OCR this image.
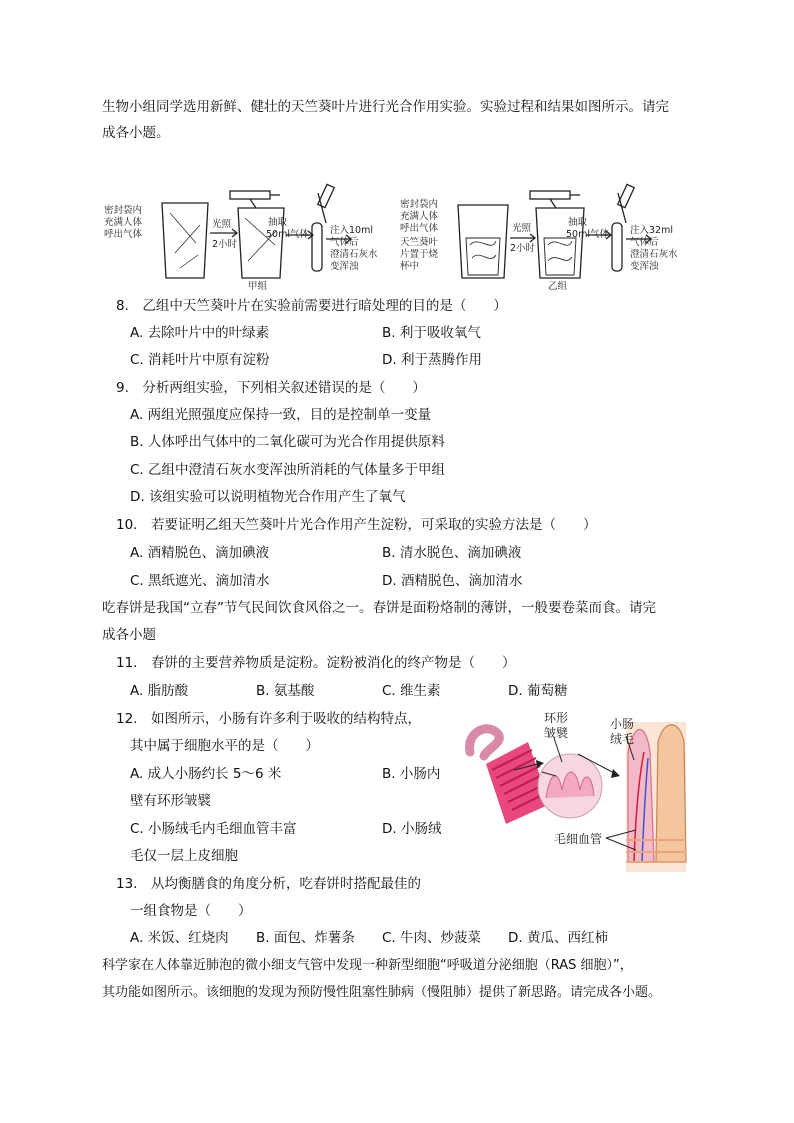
生物小组同学选用新鲜、健壮的天竺葵叶片进行光合作用实验。实验过程和结果如图所示。请完
成各小题。
密封袋内
充满人体
呼出气体
光照
2小时
抽取
50ml气体 注入10ml
气体后
澄清石灰水
变浑浊
甲组
密封袋内
充满人体
呼出气体
天竺葵叶
片置于烧
杯中
光照
2小时
抽取
50ml气体 注入32ml
气体后
澄清石灰水
变浑浊
乙组
8.　乙组中天竺葵叶片在实验前需要进行暗处理的目的是（　　）
A. 去除叶片中的叶绿素	B. 利于吸收氧气
C. 消耗叶片中原有淀粉	D. 利于蒸腾作用
9.　分析两组实验，下列相关叙述错误的是（　　）
A. 两组光照强度应保持一致，目的是控制单一变量
B. 人体呼出气体中的二氧化碳可为光合作用提供原料
C. 乙组中澄清石灰水变浑浊所消耗的气体量多于甲组
D. 该组实验可以说明植物光合作用产生了氧气
10.　若要证明乙组天竺葵叶片光合作用产生淀粉，可采取的实验方法是（　　）
A. 酒精脱色、滴加碘液	B. 清水脱色、滴加碘液
C. 黑纸遮光、滴加清水	D. 酒精脱色、滴加清水
吃春饼是我国“立春”节气民间饮食风俗之一。春饼是面粉烙制的薄饼，一般要卷菜而食。请完
成各小题
11.　春饼的主要营养物质是淀粉。淀粉被消化的终产物是（　　）
A. 脂肪酸	B. 氨基酸	C. 维生素	D. 葡萄糖
12.　如图所示，小肠有许多利于吸收的结构特点，
其中属于细胞水平的是（　　）
A. 成人小肠约长 5～6 米	B. 小肠内
壁有环形皱襞
C. 小肠绒毛内毛细血管丰富	D. 小肠绒
毛仅一层上皮细胞
环形
皱襞
小肠
绒毛
毛细血管
13.　从均衡膳食的角度分析，吃春饼时搭配最佳的
一组食物是（　　）
A. 米饭、红烧肉 B. 面包、炸薯条 C. 牛肉、炒菠菜 D. 黄瓜、西红柿
科学家在人体靠近肺泡的微小细支气管中发现一种新型细胞“呼吸道分泌细胞（RAS 细胞）”，
其功能如图所示。该细胞的发现为预防慢性阻塞性肺病（慢阻肺）提供了新思路。请完成各小题。
